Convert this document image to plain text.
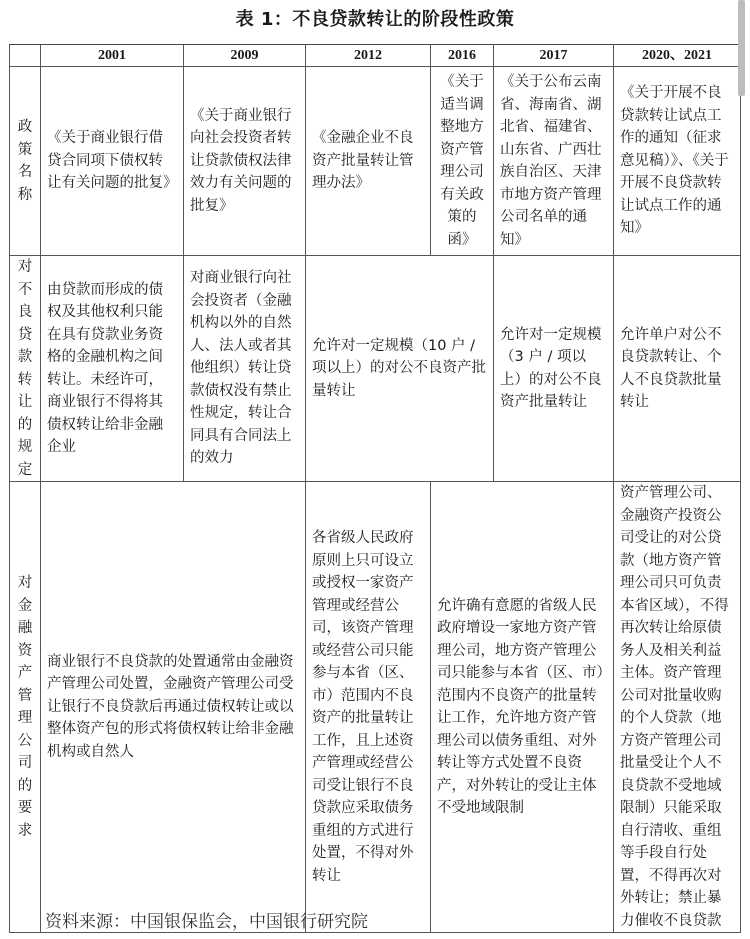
表 1：不良贷款转让的阶段性政策
	2001	2009	2012	2016	2017	2020、2021

政策名称	《关于商业银行借贷合同项下债权转让有关问题的批复》	《关于商业银行向社会投资者转让贷款债权法律效力有关问题的批复》	《金融企业不良资产批量转让管理办法》	《关于适当调整地方资产管理公司有关政策的函》	《关于公布云南省、海南省、湖北省、福建省、山东省、广西壮族自治区、天津市地方资产管理公司名单的通知》	《关于开展不良贷款转让试点工作的通知（征求意见稿）》、《关于开展不良贷款转让试点工作的通知》

对不良贷款转让的规定	由贷款而形成的债权及其他权利只能在具有贷款业务资格的金融机构之间转让。未经许可，商业银行不得将其债权转让给非金融企业	对商业银行向社会投资者（金融机构以外的自然人、法人或者其他组织）转让贷款债权没有禁止性规定，转让合同具有合同法上的效力	允许对一定规模（10 户 / 项以上）的对公不良资产批量转让		允许对一定规模（3 户 / 项以上）的对公不良资产批量转让	允许单户对公不良贷款转让、个人不良贷款批量转让

对金融资产管理公司的要求	商业银行不良贷款的处置通常由金融资产管理公司处置，金融资产管理公司受让银行不良贷款后再通过债权转让或以整体资产包的形式将债权转让给非金融机构或自然人		各省级人民政府原则上只可设立或授权一家资产管理或经营公司，该资产管理或经营公司只能参与本省（区、市）范围内不良资产的批量转让工作，且上述资产管理或经营公司受让银行不良贷款应采取债务重组的方式进行处置，不得对外转让	允许确有意愿的省级人民政府增设一家地方资产管理公司，地方资产管理公司只能参与本省（区、市）范围内不良资产的批量转让工作，允许地方资产管理公司以债务重组、对外转让等方式处置不良资产，对外转让的受让主体不受地域限制		资产管理公司、金融资产投资公司受让的对公贷款（地方资产管理公司只可负责本省区域），不得再次转让给原债务人及相关利益主体。资产管理公司对批量收购的个人贷款（地方资产管理公司批量受让个人不良贷款不受地域限制）只能采取自行清收、重组等手段自行处置，不得再次对外转让；禁止暴力催收不良贷款
资料来源：中国银保监会，中国银行研究院
